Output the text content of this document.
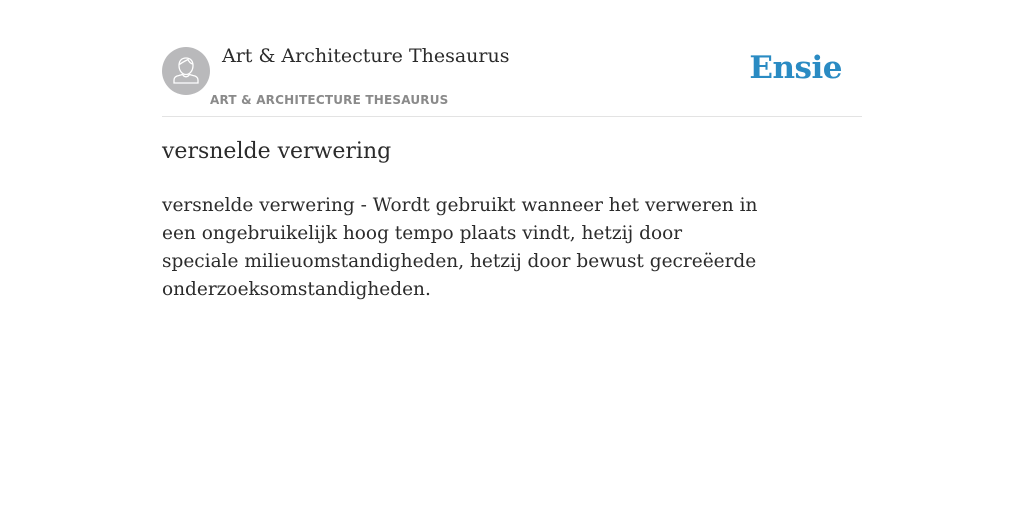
Art & Architecture Thesaurus
ART & ARCHITECTURE THESAURUS
Ensie
versnelde verwering

versnelde verwering - Wordt gebruikt wanneer het verweren in een ongebruikelijk hoog tempo plaats vindt, hetzij door speciale milieuomstandigheden, hetzij door bewust gecreëerde onderzoeksomstandigheden.
